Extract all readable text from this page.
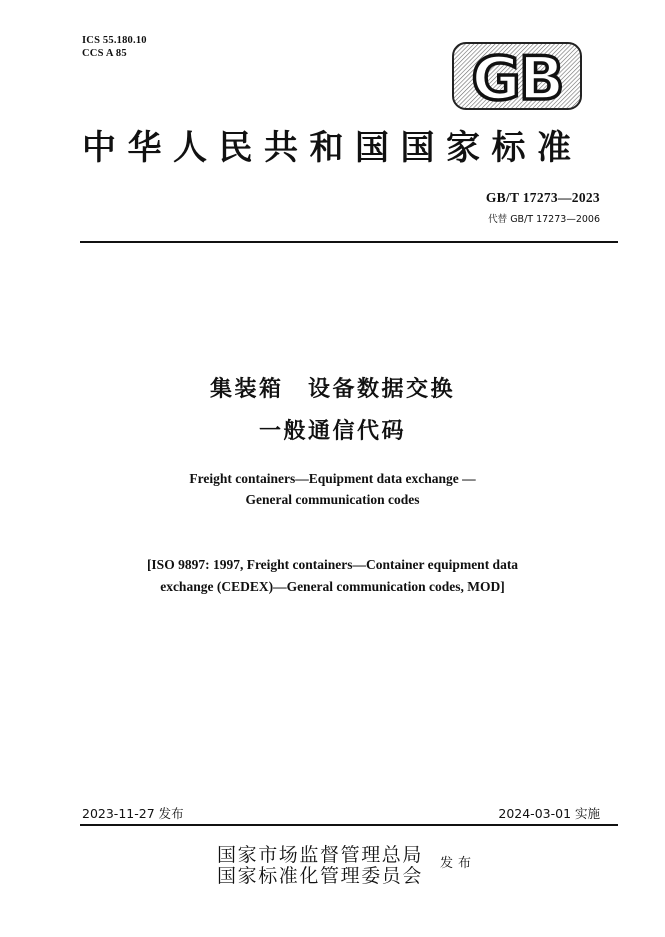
ICS 55.180.10
CCS A 85	GB
中华人民共和国国家标准
GB/T 17273—2023
代替 GB/T 17273—2006
集装箱　设备数据交换
一般通信代码
Freight containers—Equipment data exchange —
General communication codes
[ISO 9897: 1997, Freight containers—Container equipment data
exchange (CEDEX)—General communication codes, MOD]
2023-11-27 发布	2024-03-01 实施
国家市场监督管理总局
国家标准化管理委员会
发布
